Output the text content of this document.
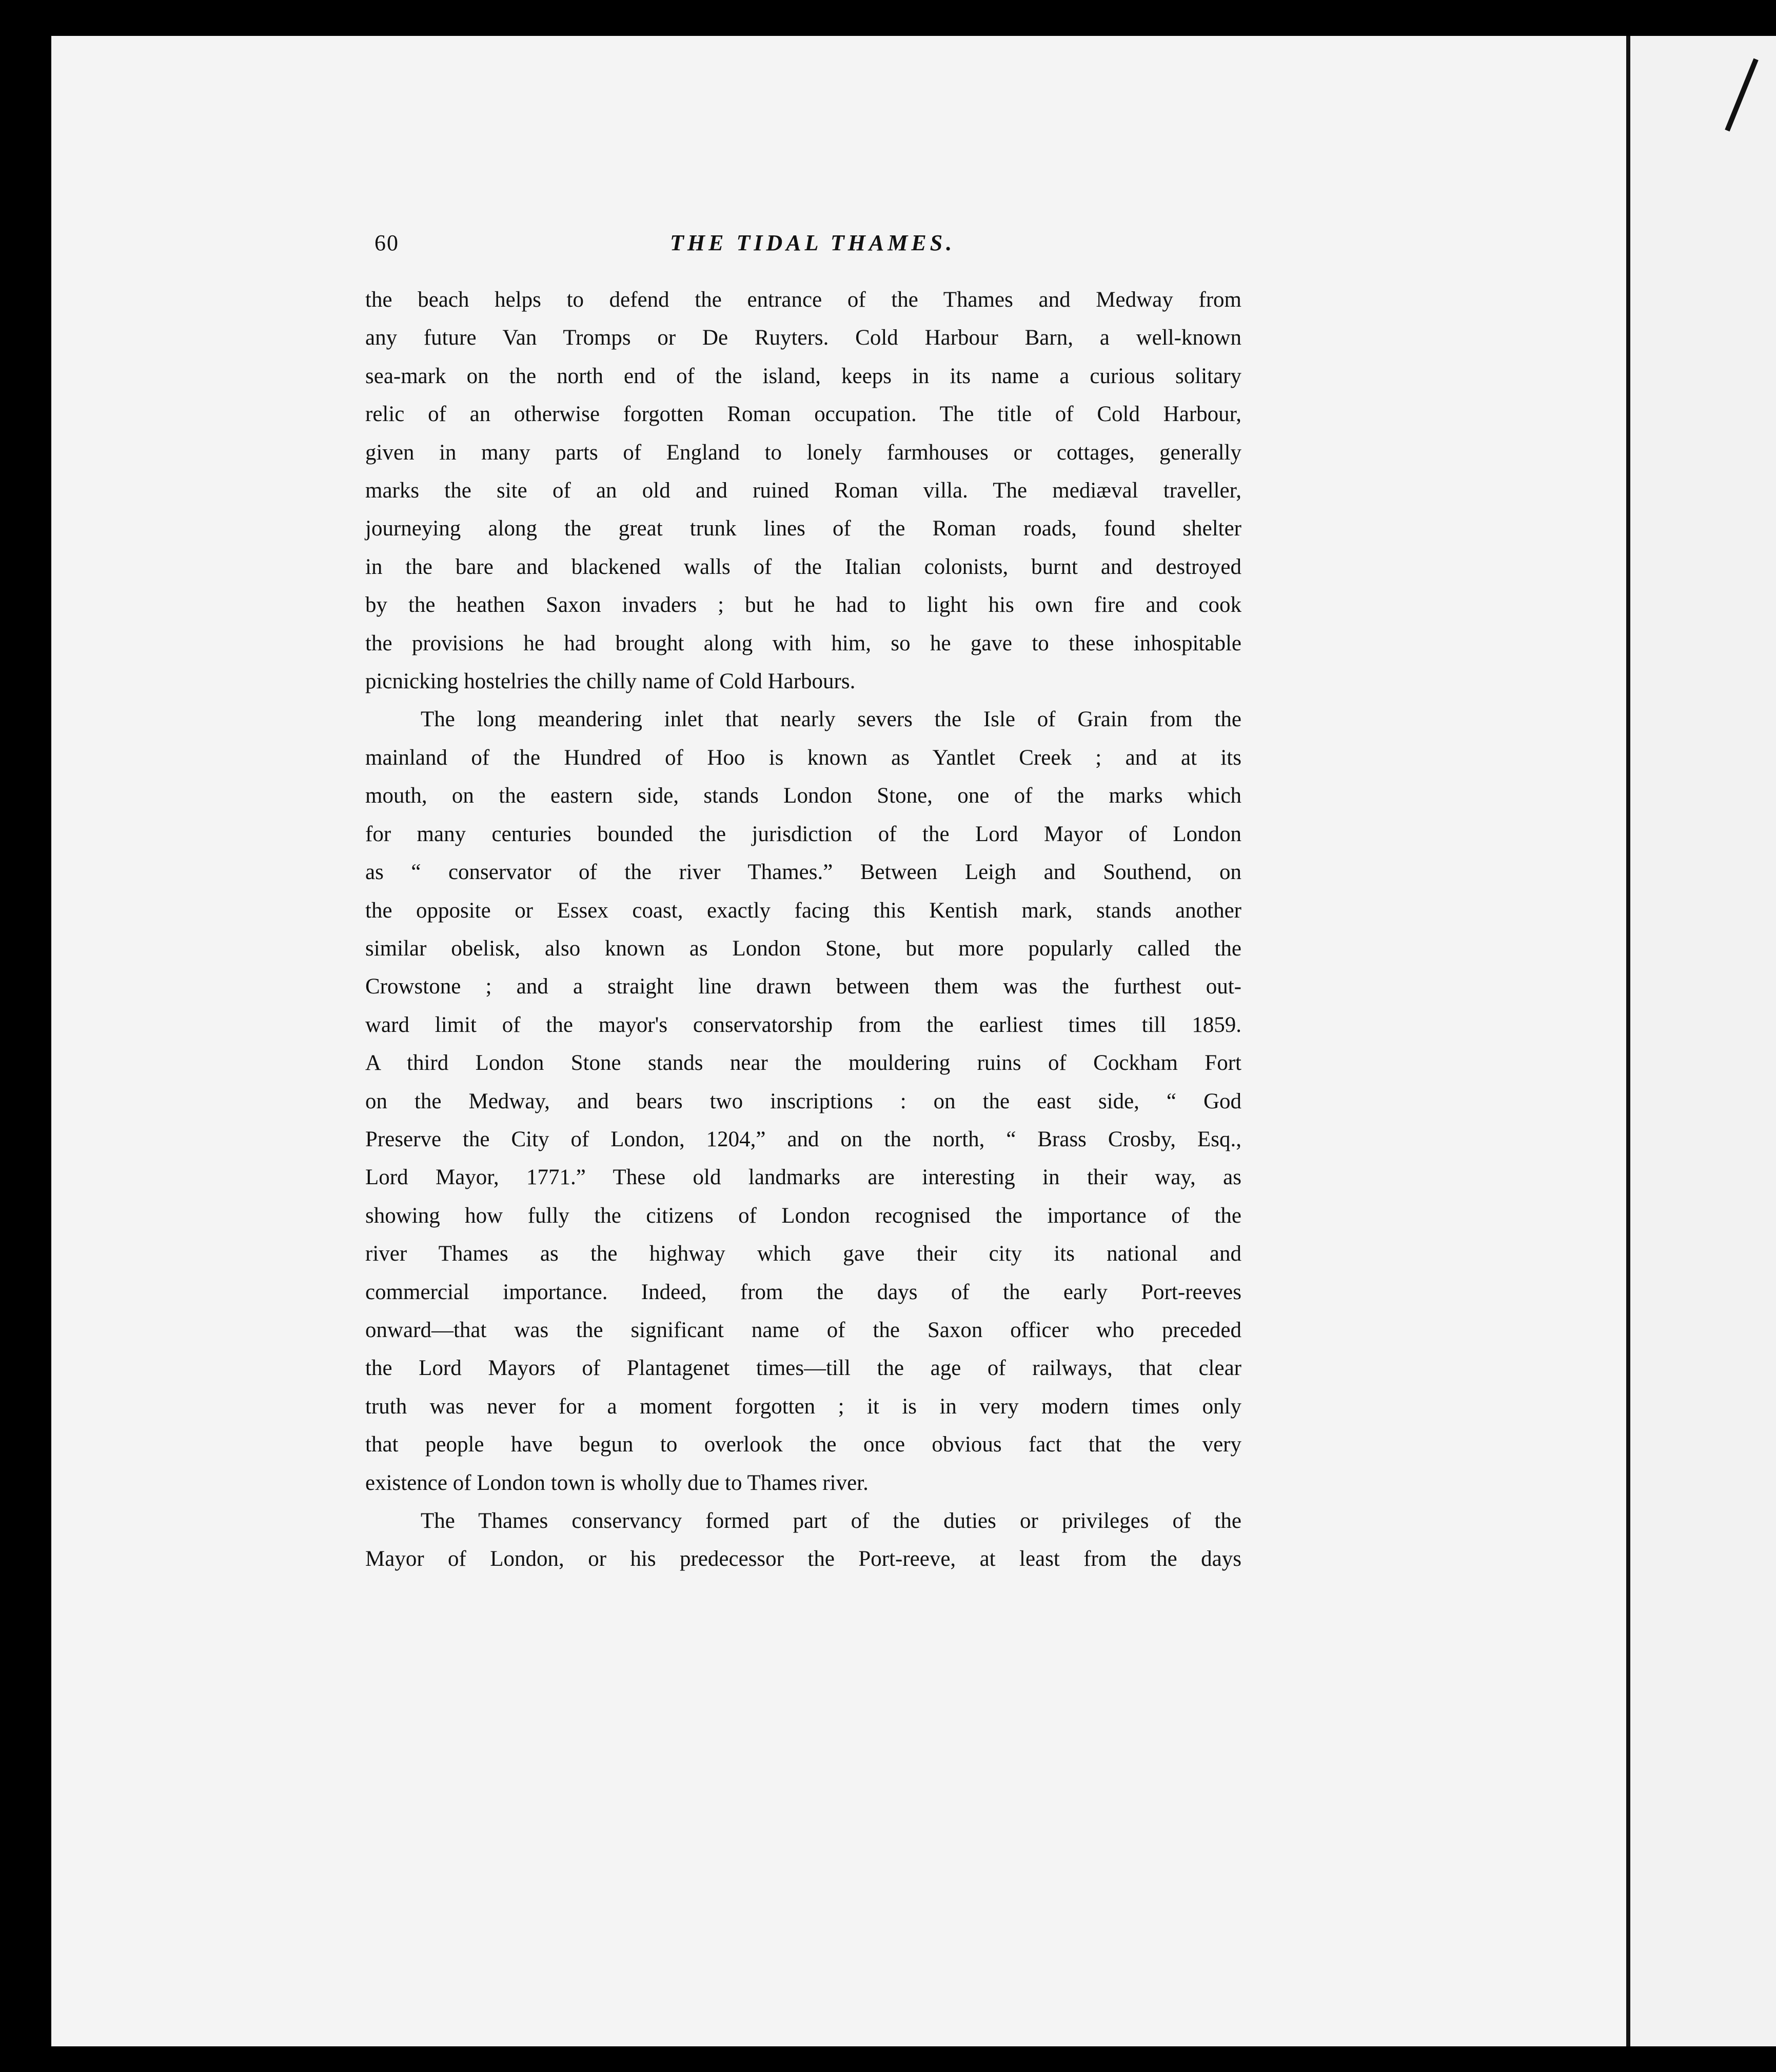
60	THE TIDAL THAMES.
the beach helps to defend the entrance of the Thames and Medway from
any future Van Tromps or De Ruyters. Cold Harbour Barn, a well-known
sea-mark on the north end of the island, keeps in its name a curious solitary
relic of an otherwise forgotten Roman occupation. The title of Cold Harbour,
given in many parts of England to lonely farmhouses or cottages, generally
marks the site of an old and ruined Roman villa. The mediæval traveller,
journeying along the great trunk lines of the Roman roads, found shelter
in the bare and blackened walls of the Italian colonists, burnt and destroyed
by the heathen Saxon invaders ; but he had to light his own fire and cook
the provisions he had brought along with him, so he gave to these inhospitable
picnicking hostelries the chilly name of Cold Harbours.
The long meandering inlet that nearly severs the Isle of Grain from the
mainland of the Hundred of Hoo is known as Yantlet Creek ; and at its
mouth, on the eastern side, stands London Stone, one of the marks which
for many centuries bounded the jurisdiction of the Lord Mayor of London
as “ conservator of the river Thames.” Between Leigh and Southend, on
the opposite or Essex coast, exactly facing this Kentish mark, stands another
similar obelisk, also known as London Stone, but more popularly called the
Crowstone ; and a straight line drawn between them was the furthest out-
ward limit of the mayor's conservatorship from the earliest times till 1859.
A third London Stone stands near the mouldering ruins of Cockham Fort
on the Medway, and bears two inscriptions : on the east side, “ God
Preserve the City of London, 1204,” and on the north, “ Brass Crosby, Esq.,
Lord Mayor, 1771.” These old landmarks are interesting in their way, as
showing how fully the citizens of London recognised the importance of the
river Thames as the highway which gave their city its national and
commercial importance. Indeed, from the days of the early Port-reeves
onward—that was the significant name of the Saxon officer who preceded
the Lord Mayors of Plantagenet times—till the age of railways, that clear
truth was never for a moment forgotten ; it is in very modern times only
that people have begun to overlook the once obvious fact that the very
existence of London town is wholly due to Thames river.
The Thames conservancy formed part of the duties or privileges of the
Mayor of London, or his predecessor the Port-reeve, at least from the days
